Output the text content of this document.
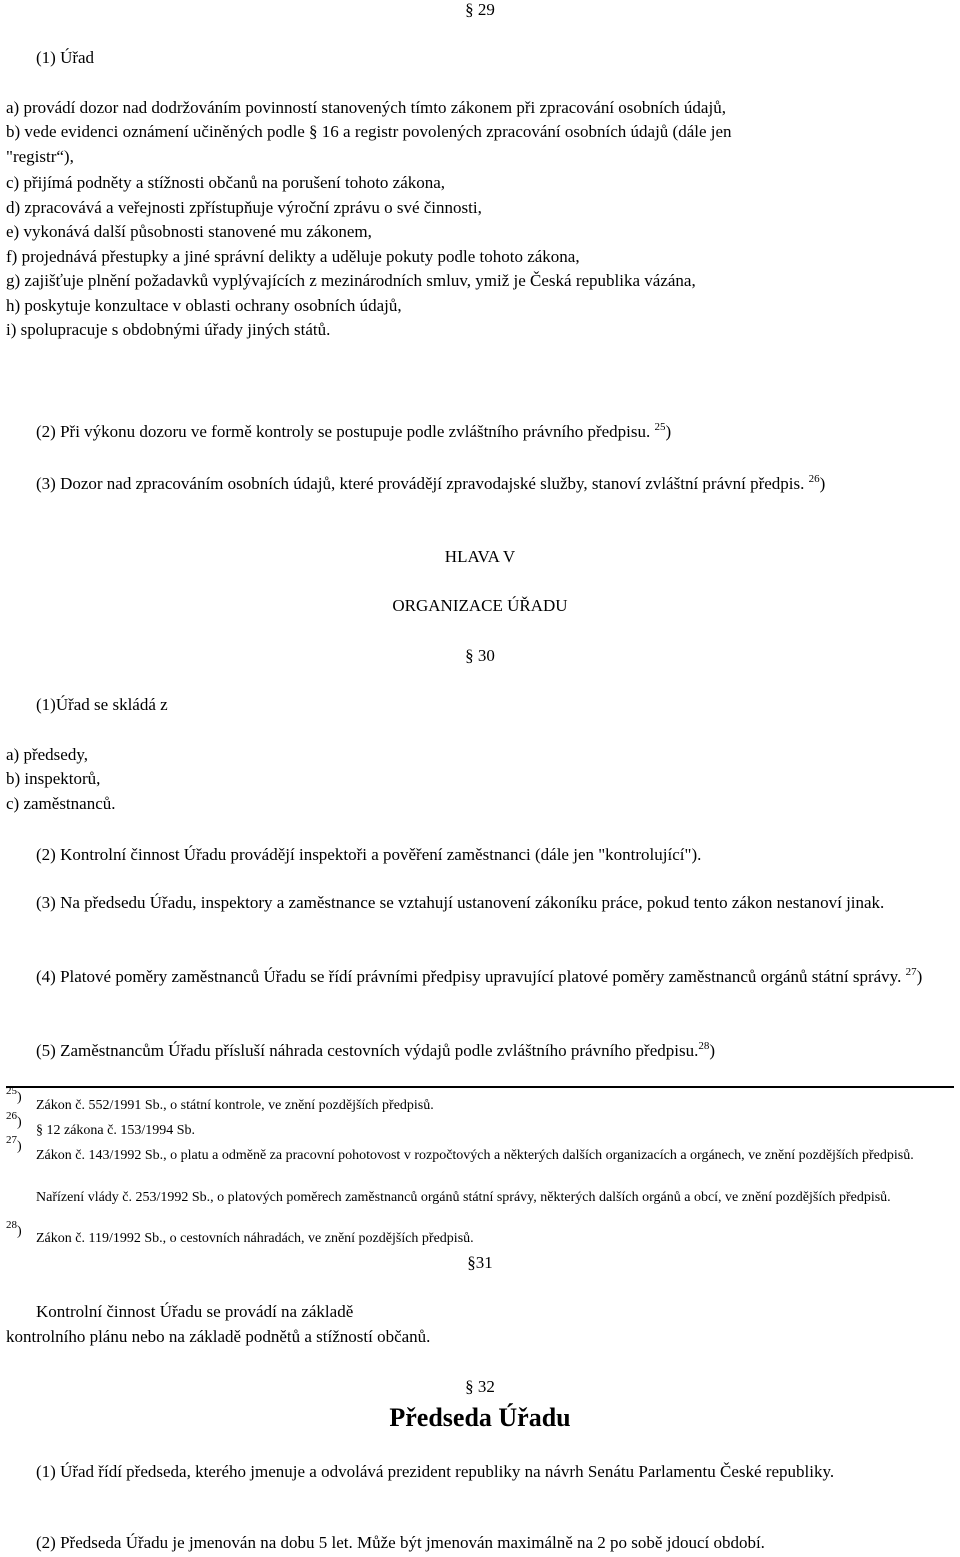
§ 29
(1) Úřad
a) provádí dozor nad dodržováním povinností stanovených tímto zákonem při zpracování osobních údajů,
b) vede evidenci oznámení učiněných podle § 16 a registr povolených zpracování osobních údajů (dále jen
"registr“),
c) přijímá podněty a stížnosti občanů na porušení tohoto zákona,
d) zpracovává a veřejnosti zpřístupňuje výroční zprávu o své činnosti,
e) vykonává další působnosti stanovené mu zákonem,
f) projednává přestupky a jiné správní delikty a uděluje pokuty podle tohoto zákona,
g) zajišťuje plnění požadavků vyplývajících z mezinárodních smluv, ymiž je Česká republika vázána,
h) poskytuje konzultace v oblasti ochrany osobních údajů,
i) spolupracuje s obdobnými úřady jiných států.
(2) Při výkonu dozoru ve formě kontroly se postupuje podle zvláštního právního předpisu. $^{25}$)
(3) Dozor nad zpracováním osobních údajů, které provádějí zpravodajské služby, stanoví zvláštní právní předpis. $^{26}$)
HLAVA V
ORGANIZACE ÚŘADU
§ 30
(1)Úřad se skládá z
a) předsedy,
b) inspektorů,
c) zaměstnanců.
(2) Kontrolní činnost Úřadu provádějí inspektoři a pověření zaměstnanci (dále jen "kontrolující").
(3) Na předsedu Úřadu, inspektory a zaměstnance se vztahují ustanovení zákoníku práce, pokud tento zákon nestanoví jinak.
(4) Platové poměry zaměstnanců Úřadu se řídí právními předpisy upravující platové poměry zaměstnanců orgánů státní správy. $^{27}$)
(5) Zaměstnancům Úřadu přísluší náhrada cestovních výdajů podle zvláštního právního předpisu.$^{28}$)
$^{25}$)
Zákon č. 552/1991 Sb., o státní kontrole, ve znění pozdějších předpisů.
$^{26}$)
§ 12 zákona č. 153/1994 Sb.
$^{27}$)
Zákon č. 143/1992 Sb., o platu a odměně za pracovní pohotovost v rozpočtových a některých dalších organizacích a orgánech, ve znění pozdějších předpisů.
Nařízení vlády č. 253/1992 Sb., o platových poměrech zaměstnanců orgánů státní správy, některých dalších orgánů a obcí, ve znění pozdějších předpisů.
$^{28}$) Zákon č. 119/1992 Sb., o cestovních náhradách, ve znění pozdějších předpisů.
§31
Kontrolní činnost Úřadu se provádí na základě
kontrolního plánu nebo na základě podnětů a stížností občanů.
§ 32
Předseda Úřadu
(1) Úřad řídí předseda, kterého jmenuje a odvolává prezident republiky na návrh Senátu Parlamentu České republiky.
(2) Předseda Úřadu je jmenován na dobu 5 let. Může být jmenován maximálně na 2 po sobě jdoucí období.
